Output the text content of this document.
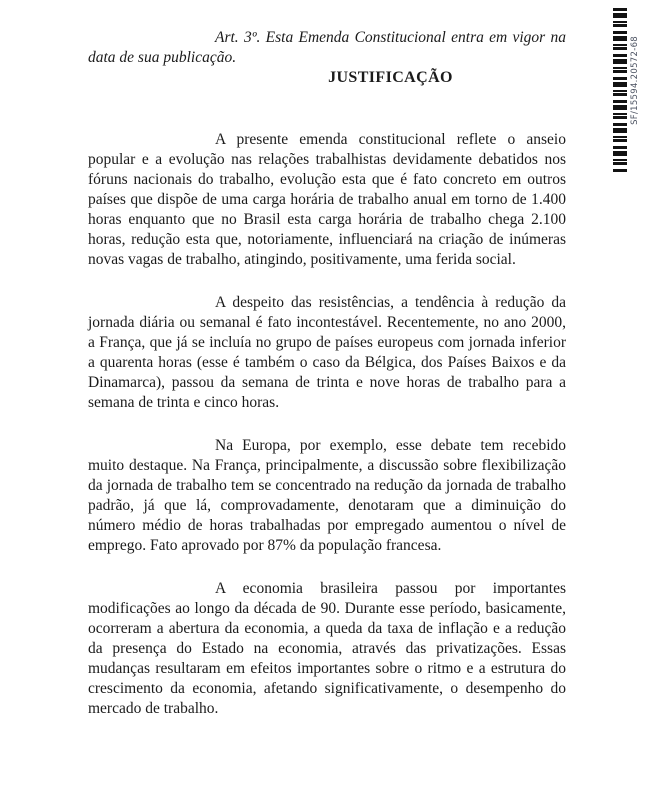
SF/15594.20572-68

Art. 3º. Esta Emenda Constitucional entra em vigor na data de sua publicação.

JUSTIFICAÇÃO

A presente emenda constitucional reflete o anseio popular e a evolução nas relações trabalhistas devidamente debatidos nos fóruns nacionais do trabalho, evolução esta que é fato concreto em outros países que dispõe de uma carga horária de trabalho anual em torno de 1.400 horas enquanto que no Brasil esta carga horária de trabalho chega 2.100 horas, redução esta que, notoriamente, influenciará na criação de inúmeras novas vagas de trabalho, atingindo, positivamente, uma ferida social.

A despeito das resistências, a tendência à redução da jornada diária ou semanal é fato incontestável. Recentemente, no ano 2000, a França, que já se incluía no grupo de países europeus com jornada inferior a quarenta horas (esse é também o caso da Bélgica, dos Países Baixos e da Dinamarca), passou da semana de trinta e nove horas de trabalho para a semana de trinta e cinco horas.

Na Europa, por exemplo, esse debate tem recebido muito destaque. Na França, principalmente, a discussão sobre flexibilização da jornada de trabalho tem se concentrado na redução da jornada de trabalho padrão, já que lá, comprovadamente, denotaram que a diminuição do número médio de horas trabalhadas por empregado aumentou o nível de emprego. Fato aprovado por 87% da população francesa.

A economia brasileira passou por importantes modificações ao longo da década de 90. Durante esse período, basicamente, ocorreram a abertura da economia, a queda da taxa de inflação e a redução da presença do Estado na economia, através das privatizações. Essas mudanças resultaram em efeitos importantes sobre o ritmo e a estrutura do crescimento da economia, afetando significativamente, o desempenho do mercado de trabalho.
